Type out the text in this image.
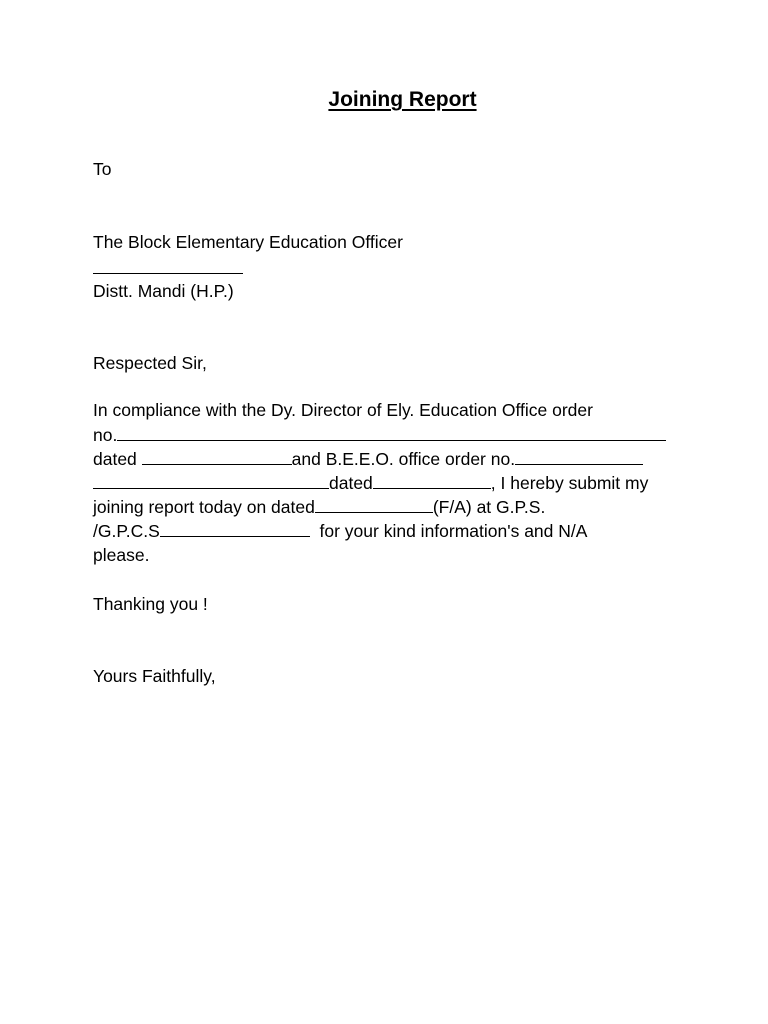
Joining Report
To
The Block Elementary Education Officer
Distt. Mandi (H.P.)
Respected Sir,
In compliance with the Dy. Director of Ely. Education Office order
no.
dated	and B.E.E.O. office order no.
dated	, I hereby submit my
joining report today on dated	(F/A) at G.P.S.
/G.P.C.S	for your kind information's and N/A
please.
Thanking you !
Yours Faithfully,
